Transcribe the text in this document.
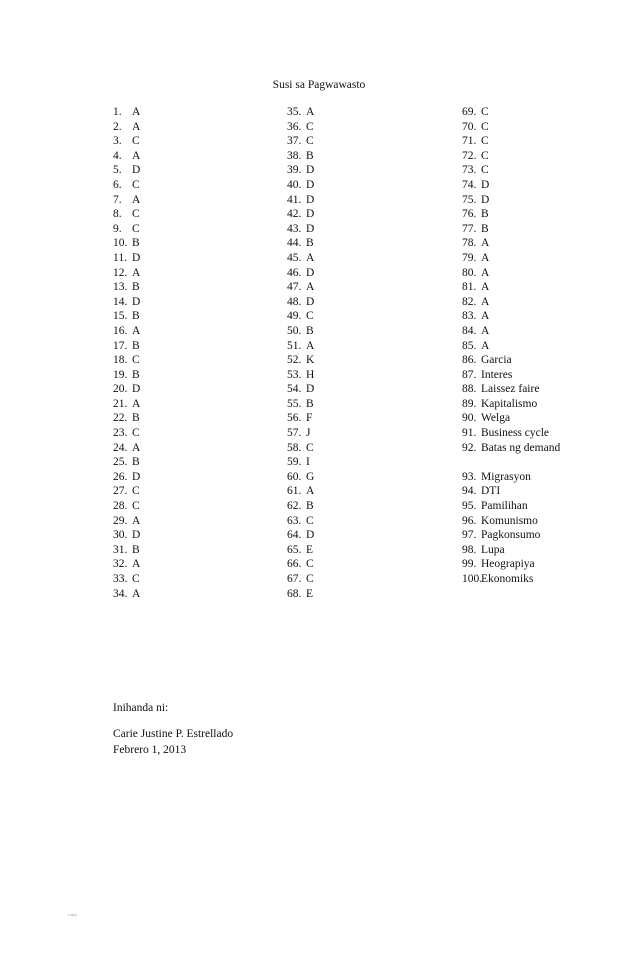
Susi sa Pagwawasto
1. A
2. A
3. C
4. A
5. D
6. C
7. A
8. C
9. C
10. B
11. D
12. A
13. B
14. D
15. B
16. A
17. B
18. C
19. B
20. D
21. A
22. B
23. C
24. A
25. B
26. D
27. C
28. C
29. A
30. D
31. B
32. A
33. C
34. A
35. A
36. C
37. C
38. B
39. D
40. D
41. D
42. D
43. D
44. B
45. A
46. D
47. A
48. D
49. C
50. B
51. A
52. K
53. H
54. D
55. B
56. F
57. J
58. C
59. I
60. G
61. A
62. B
63. C
64. D
65. E
66. C
67. C
68. E
69. C
70. C
71. C
72. C
73. C
74. D
75. D
76. B
77. B
78. A
79. A
80. A
81. A
82. A
83. A
84. A
85. A
86. Garcia
87. Interes
88. Laissez faire
89. Kapitalismo
90. Welga
91. Business cycle
92. Batas ng demand
93. Migrasyon
94. DTI
95. Pamilihan
96. Komunismo
97. Pagkonsumo
98. Lupa
99. Heograpiya
100.
Ekonomiks
Inihanda ni:
Carie Justine P. Estrellado
Febrero 1, 2013
i-spry
